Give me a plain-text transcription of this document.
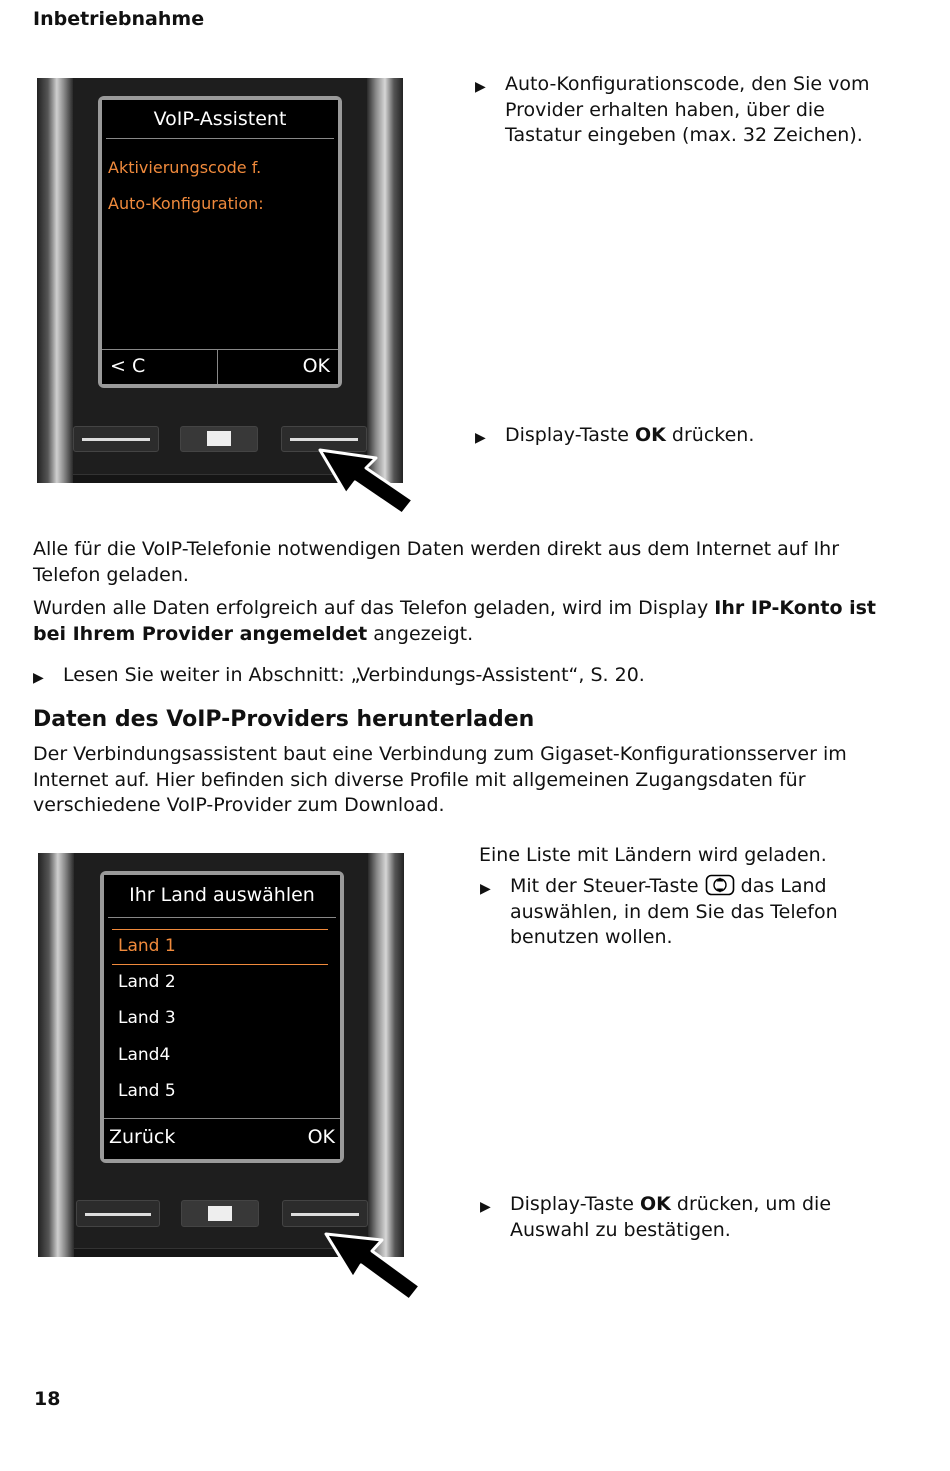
Inbetriebnahme
VoIP-Assistent
Aktivierungscode f.
Auto-Konfiguration:
< C	OK
▶ Auto-Konfigurationscode, den Sie vom Provider erhalten haben, über die Tastatur eingeben (max. 32 Zeichen).
▶ Display-Taste OK drücken.
Alle für die VoIP-Telefonie notwendigen Daten werden direkt aus dem Internet auf Ihr Telefon geladen.
Wurden alle Daten erfolgreich auf das Telefon geladen, wird im Display Ihr IP-Konto ist bei Ihrem Provider angemeldet angezeigt.
▶ Lesen Sie weiter in Abschnitt: „Verbindungs-Assistent“, S. 20.
Daten des VoIP-Providers herunterladen
Der Verbindungsassistent baut eine Verbindung zum Gigaset-Konfigurationsserver im Internet auf. Hier befinden sich diverse Profile mit allgemeinen Zugangsdaten für verschiedene VoIP-Provider zum Download.
Ihr Land auswählen
Land 1
Land 2
Land 3
Land4
Land 5
Zurück	OK
Eine Liste mit Ländern wird geladen.
▶ Mit der Steuer-Taste  das Land auswählen, in dem Sie das Telefon benutzen wollen.
▶ Display-Taste OK drücken, um die Auswahl zu bestätigen.
18
